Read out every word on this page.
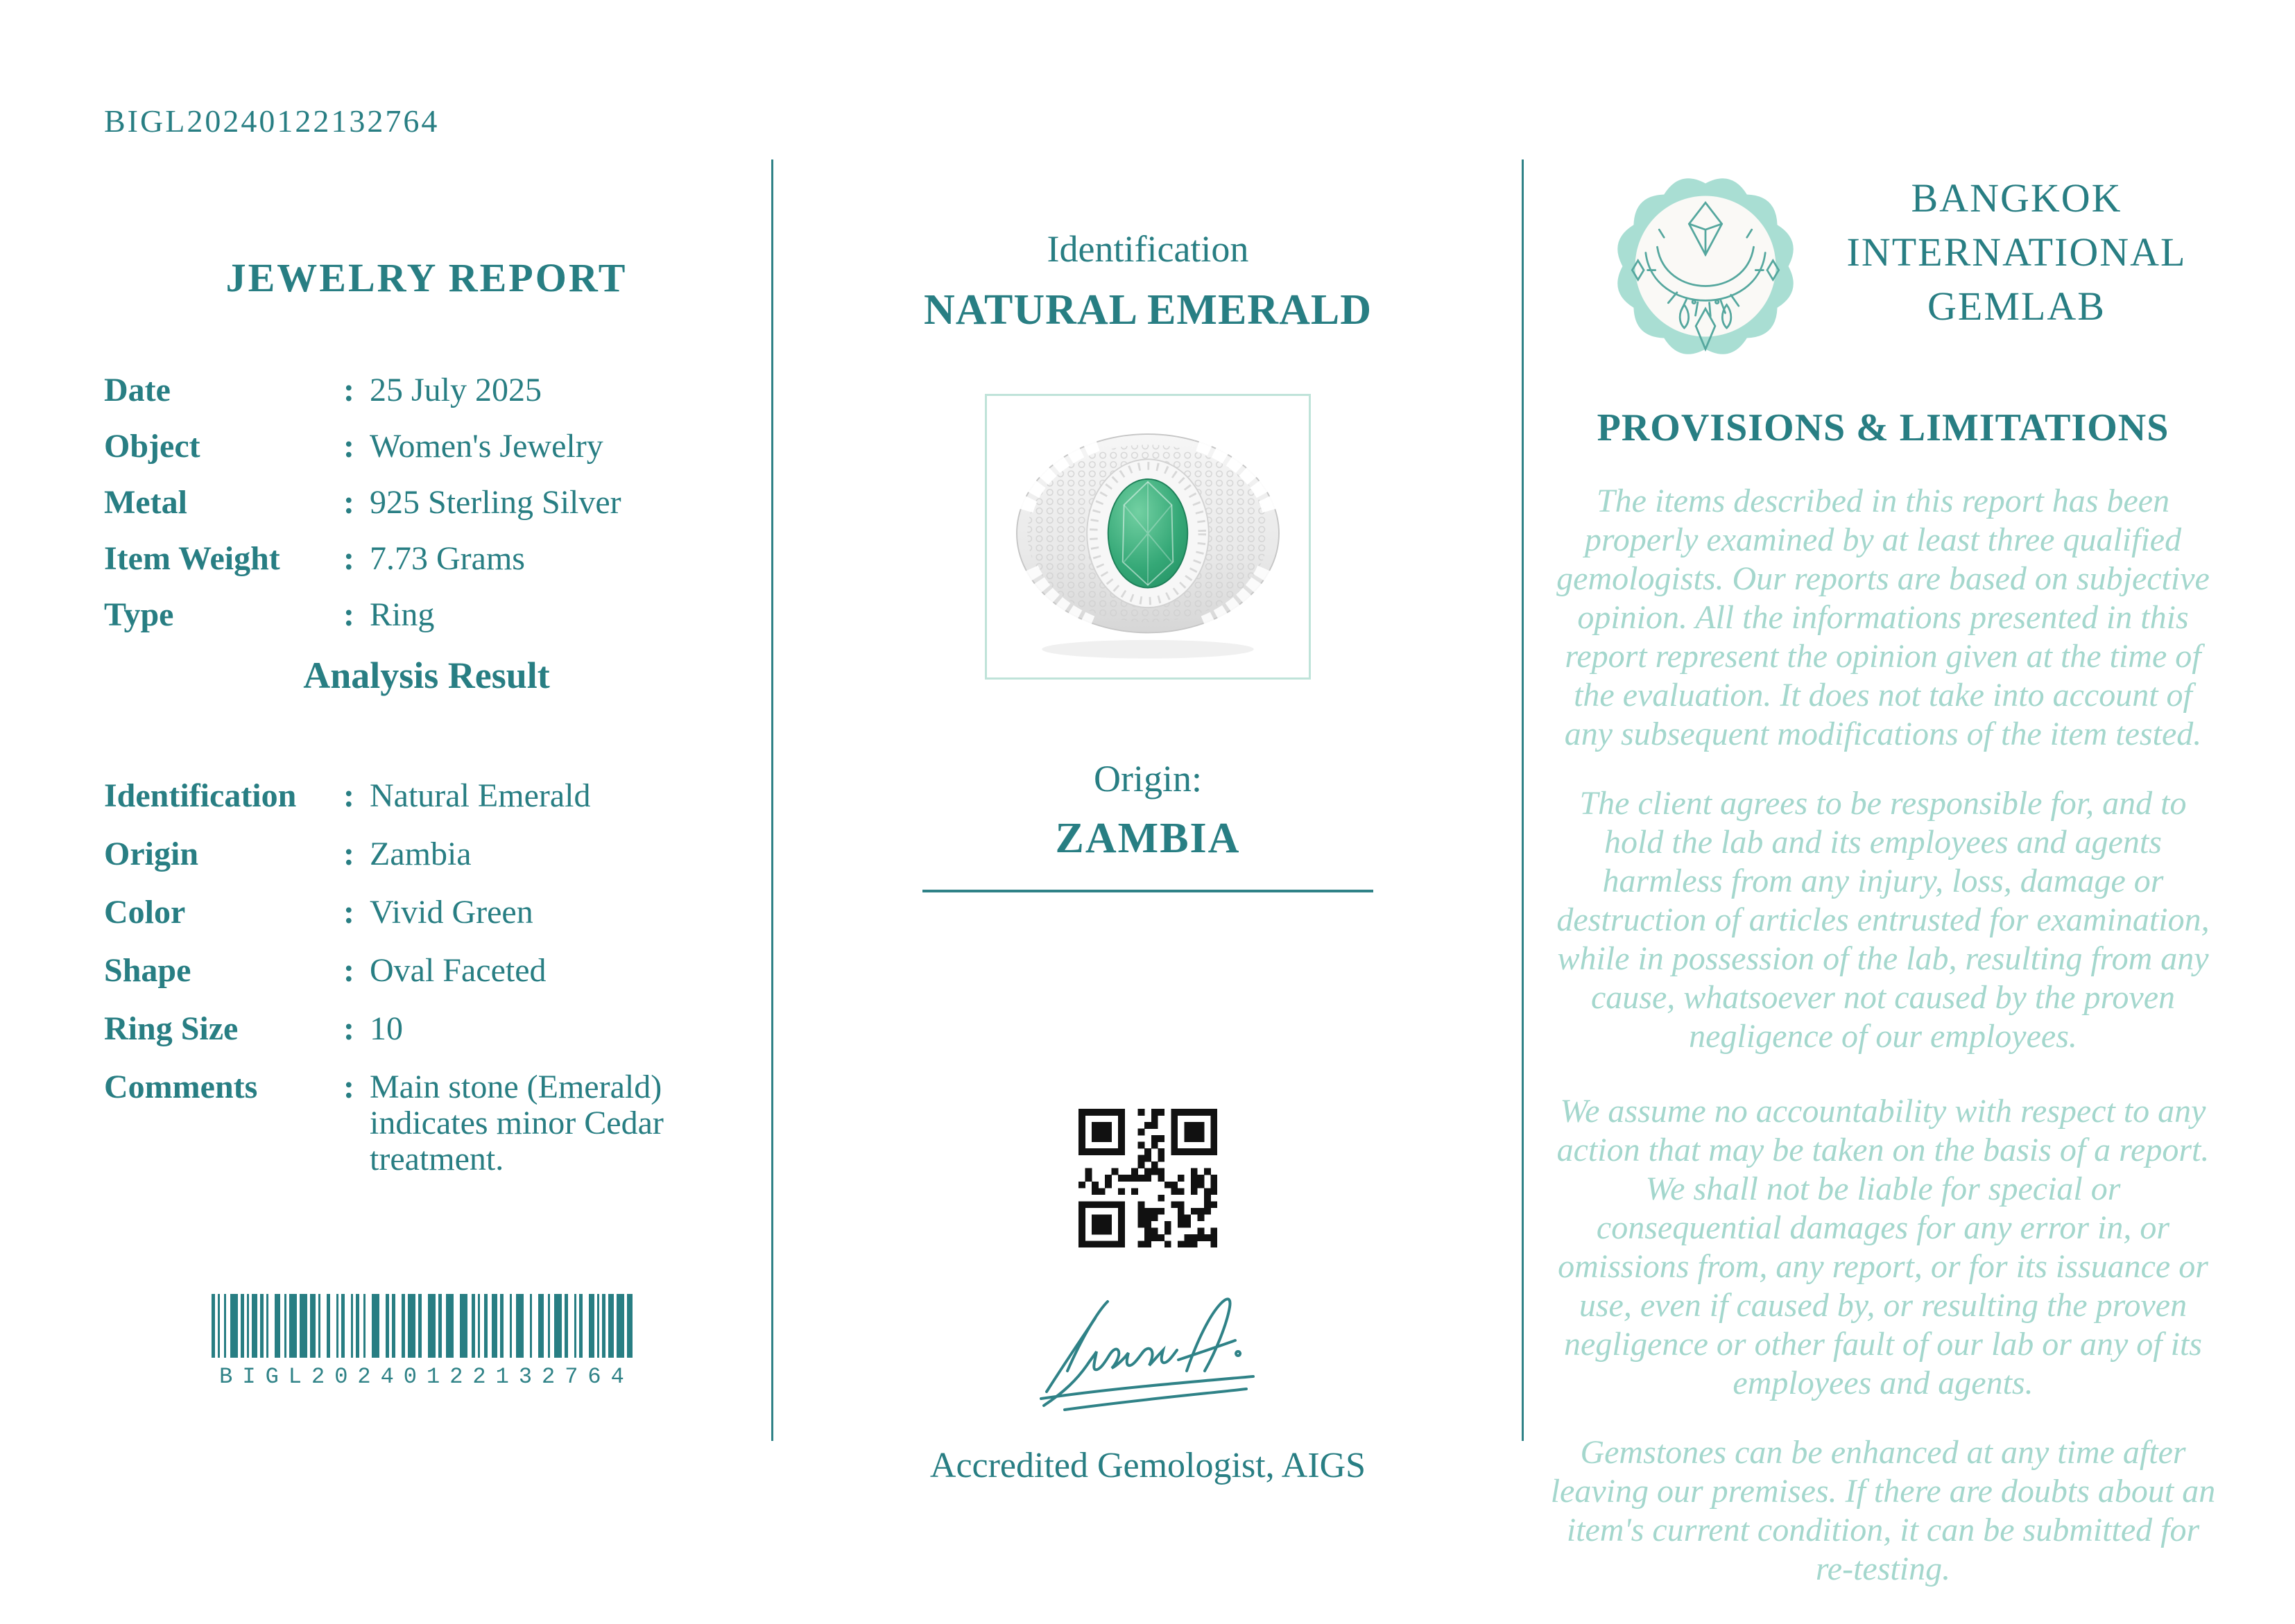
BIGL20240122132764
JEWELRY REPORT
Date	: 25 July 2025
Object	: Women's Jewelry
Metal	: 925 Sterling Silver
Item Weight	: 7.73 Grams
Type	: Ring
Analysis Result
Identification	: Natural Emerald
Origin	: Zambia
Color	: Vivid Green
Shape	: Oval Faceted
Ring Size	: 10
Comments	: Main stone (Emerald) indicates minor Cedar treatment.
BIGL20240122132764
Identification
NATURAL EMERALD
Origin:
ZAMBIA
Accredited Gemologist, AIGS
BANGKOK
INTERNATIONAL
GEMLAB
PROVISIONS & LIMITATIONS

The items described in this report has been properly examined by at least three qualified gemologists. Our reports are based on subjective opinion. All the informations presented in this report represent the opinion given at the time of the evaluation. It does not take into account of any subsequent modifications of the item tested.

The client agrees to be responsible for, and to hold the lab and its employees and agents harmless from any injury, loss, damage or destruction of articles entrusted for examination, while in possession of the lab, resulting from any cause, whatsoever not caused by the proven negligence of our employees.

We assume no accountability with respect to any action that may be taken on the basis of a report. We shall not be liable for special or consequential damages for any error in, or omissions from, any report, or for its issuance or use, even if caused by, or resulting the proven negligence or other fault of our lab or any of its employees and agents.

Gemstones can be enhanced at any time after leaving our premises. If there are doubts about an item's current condition, it can be submitted for re-testing.
